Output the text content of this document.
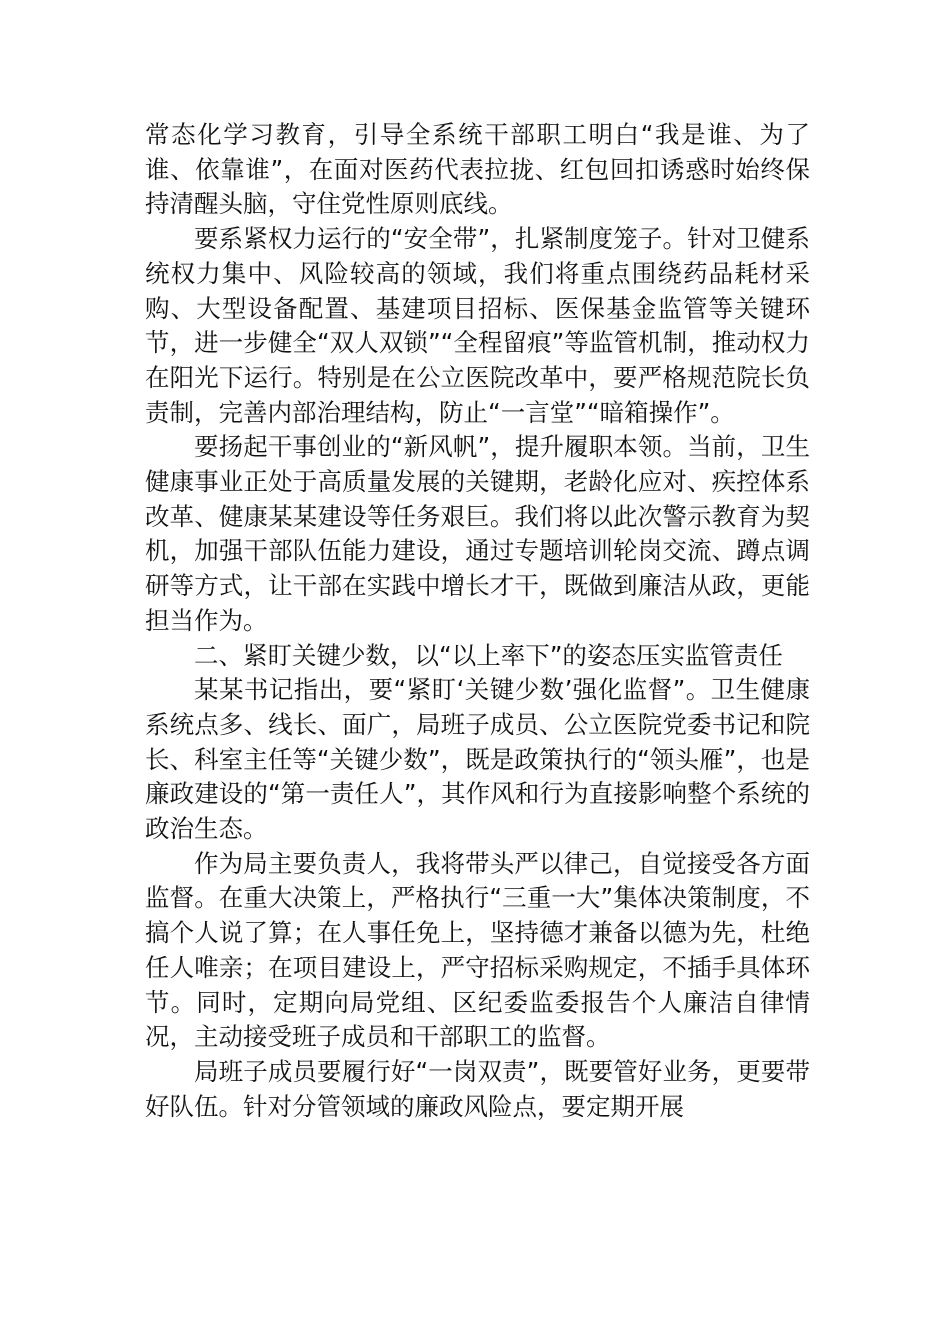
常态化学习教育，引导全系统干部职工明白“我是谁、为了谁、依靠谁”，在面对医药代表拉拢、红包回扣诱惑时始终保持清醒头脑，守住党性原则底线。

要系紧权力运行的“安全带”，扎紧制度笼子。针对卫健系统权力集中、风险较高的领域，我们将重点围绕药品耗材采购、大型设备配置、基建项目招标、医保基金监管等关键环节，进一步健全“双人双锁”“全程留痕”等监管机制，推动权力在阳光下运行。特别是在公立医院改革中，要严格规范院长负责制，完善内部治理结构，防止“一言堂”“暗箱操作”。

要扬起干事创业的“新风帆”，提升履职本领。当前，卫生健康事业正处于高质量发展的关键期，老龄化应对、疾控体系改革、健康某某建设等任务艰巨。我们将以此次警示教育为契机，加强干部队伍能力建设，通过专题培训轮岗交流、蹲点调研等方式，让干部在实践中增长才干，既做到廉洁从政，更能担当作为。

二、紧盯关键少数，以“以上率下”的姿态压实监管责任

某某书记指出，要“紧盯‘关键少数’强化监督”。卫生健康系统点多、线长、面广，局班子成员、公立医院党委书记和院长、科室主任等“关键少数”，既是政策执行的“领头雁”，也是廉政建设的“第一责任人”，其作风和行为直接影响整个系统的政治生态。

作为局主要负责人，我将带头严以律己，自觉接受各方面监督。在重大决策上，严格执行“三重一大”集体决策制度，不搞个人说了算；在人事任免上，坚持德才兼备以德为先，杜绝任人唯亲；在项目建设上，严守招标采购规定，不插手具体环节。同时，定期向局党组、区纪委监委报告个人廉洁自律情况，主动接受班子成员和干部职工的监督。

局班子成员要履行好“一岗双责”，既要管好业务，更要带好队伍。针对分管领域的廉政风险点，要定期开展
